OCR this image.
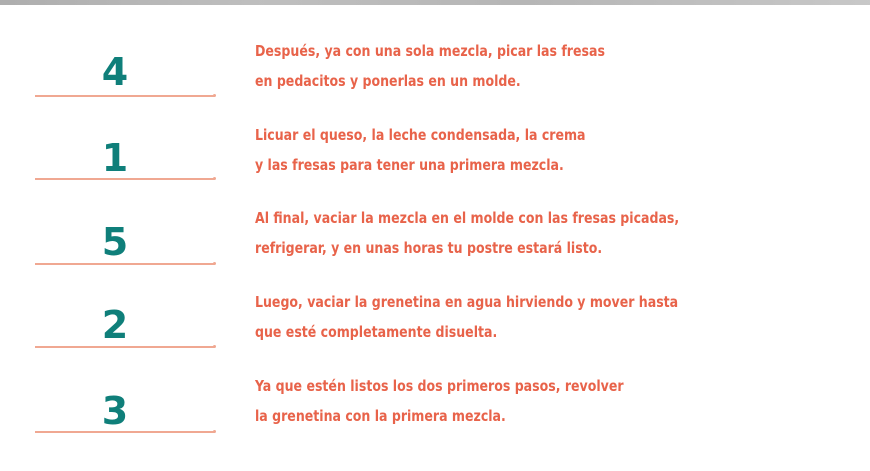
4	Después, ya con una sola mezcla, picar las fresas
en pedacitos y ponerlas en un molde.
1
Licuar el queso, la leche condensada, la crema
y las fresas para tener una primera mezcla.
5
Al final, vaciar la mezcla en el molde con las fresas picadas,
refrigerar, y en unas horas tu postre estará listo.
2
Luego, vaciar la grenetina en agua hirviendo y mover hasta
que esté completamente disuelta.
3
Ya que estén listos los dos primeros pasos, revolver
la grenetina con la primera mezcla.
